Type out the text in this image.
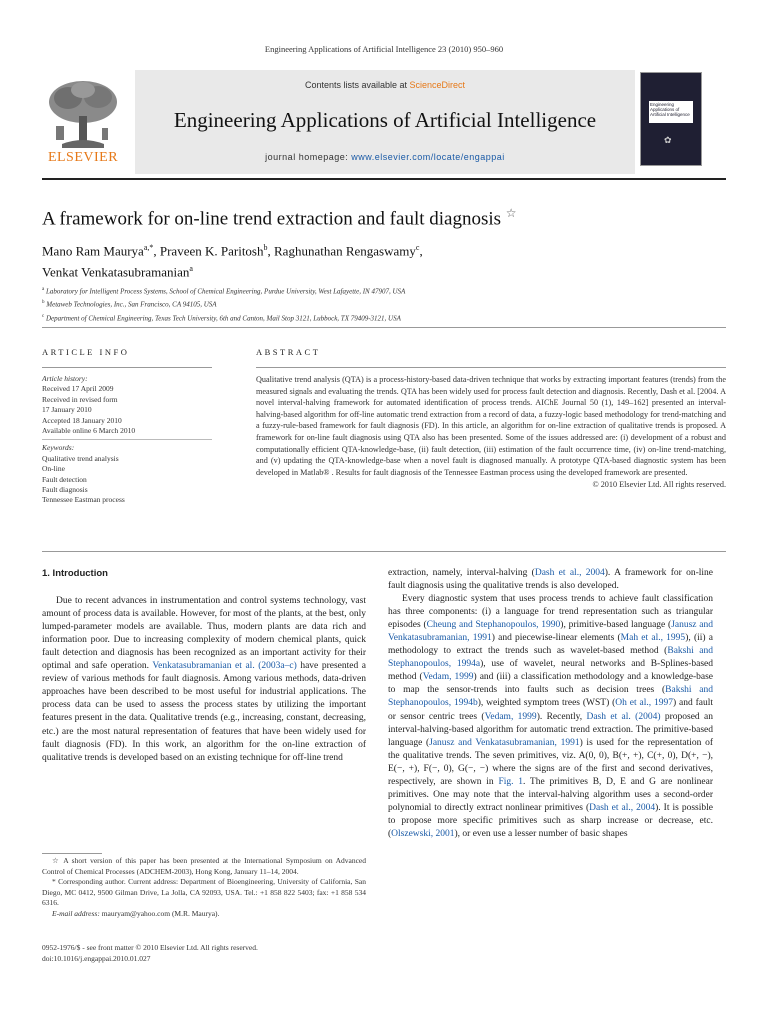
Engineering Applications of Artificial Intelligence 23 (2010) 950–960
ELSEVIER
Contents lists available at ScienceDirect
Engineering Applications of Artificial Intelligence
journal homepage: www.elsevier.com/locate/engappai
Engineering Applications of Artificial Intelligence
✿
A framework for on-line trend extraction and fault diagnosis ☆
Mano Ram Maurya$^{a,*}$, Praveen K. Paritosh$^b$, Raghunathan Rengaswamy$^c$,
Venkat Venkatasubramanian$^a$
$^a$ Laboratory for Intelligent Process Systems, School of Chemical Engineering, Purdue University, West Lafayette, IN 47907, USA
$^b$ Metaweb Technologies, Inc., San Francisco, CA 94105, USA
$^c$ Department of Chemical Engineering, Texas Tech University, 6th and Canton, Mail Stop 3121, Lubbock, TX 79409-3121, USA
ARTICLE INFO	ABSTRACT
Article history:
Received 17 April 2009
Received in revised form
17 January 2010
Accepted 18 January 2010
Available online 6 March 2010
Keywords:
Qualitative trend analysis
On-line
Fault detection
Fault diagnosis
Tennessee Eastman process
Qualitative trend analysis (QTA) is a process-history-based data-driven technique that works by extracting important features (trends) from the measured signals and evaluating the trends. QTA has been widely used for process fault detection and diagnosis. Recently, Dash et al. [2004. A novel interval-halving framework for automated identification of process trends. AIChE Journal 50 (1), 149–162] presented an interval-halving-based algorithm for off-line automatic trend extraction from a record of data, a fuzzy-logic based methodology for trend-matching and a fuzzy-rule-based framework for fault diagnosis (FD). In this article, an algorithm for on-line extraction of qualitative trends is proposed. A framework for on-line fault diagnosis using QTA also has been presented. Some of the issues addressed are: (i) development of a robust and computationally efficient QTA-knowledge-base, (ii) fault detection, (iii) estimation of the fault occurrence time, (iv) on-line trend-matching, and (v) updating the QTA-knowledge-base when a novel fault is diagnosed manually. A prototype QTA-based diagnostic system has been developed in Matlab® . Results for fault diagnosis of the Tennessee Eastman process using the developed framework are presented.
© 2010 Elsevier Ltd. All rights reserved.
1. Introduction

Due to recent advances in instrumentation and control systems technology, vast amount of process data is available. However, for most of the plants, at the best, only lumped-parameter models are available. Thus, modern plants are data rich and information poor. Due to increasing complexity of modern chemical plants, quick fault detection and diagnosis has been recognized as an important activity for their optimal and safe operation. Venkatasubramanian et al. (2003a–c) have presented a review of various methods for fault diagnosis. Among various methods, data-driven approaches have been described to be most useful for industrial applications. The process data can be used to assess the process states by utilizing the important features present in the data. Qualitative trends (e.g., increasing, constant, decreasing, etc.) are the most natural representation of features that have been widely used for fault diagnosis (FD). In this work, an algorithm for the on-line extraction of qualitative trends is developed based on an existing technique for off-line trend

☆ A short version of this paper has been presented at the International Symposium on Advanced Control of Chemical Processes (ADCHEM-2003), Hong Kong, January 11–14, 2004.
* Corresponding author. Current address: Department of Bioengineering, University of California, San Diego, MC 0412, 9500 Gilman Drive, La Jolla, CA 92093, USA. Tel.: +1 858 822 5403; fax: +1 858 534 6316.
E-mail address: mauryam@yahoo.com (M.R. Maurya).
0952-1976/$ - see front matter © 2010 Elsevier Ltd. All rights reserved.
doi:10.1016/j.engappai.2010.01.027

extraction, namely, interval-halving (Dash et al., 2004). A framework for on-line fault diagnosis using the qualitative trends is also developed.

Every diagnostic system that uses process trends to achieve fault classification has three components: (i) a language for trend representation such as triangular episodes (Cheung and Stephanopoulos, 1990), primitive-based language (Janusz and Venkatasubramanian, 1991) and piecewise-linear elements (Mah et al., 1995), (ii) a methodology to extract the trends such as wavelet-based method (Bakshi and Stephanopoulos, 1994a), use of wavelet, neural networks and B-Splines-based method (Vedam, 1999) and (iii) a classification methodology and a knowledge-base to map the sensor-trends into faults such as decision trees (Bakshi and Stephanopoulos, 1994b), weighted symptom trees (WST) (Oh et al., 1997) and fault or sensor centric trees (Vedam, 1999). Recently, Dash et al. (2004) proposed an interval-halving-based algorithm for automatic trend extraction. The primitive-based language (Janusz and Venkatasubramanian, 1991) is used for the representation of the qualitative trends. The seven primitives, viz. A(0, 0), B(+, +), C(+, 0), D(+, −), E(−, +), F(−, 0), G(−, −) where the signs are of the first and second derivatives, respectively, are shown in Fig. 1. The primitives B, D, E and G are nonlinear primitives. One may note that the interval-halving algorithm uses a second-order polynomial to directly extract nonlinear primitives (Dash et al., 2004). It is possible to propose more specific primitives such as sharp increase or decrease, etc. (Olszewski, 2001), or even use a lesser number of basic shapes
